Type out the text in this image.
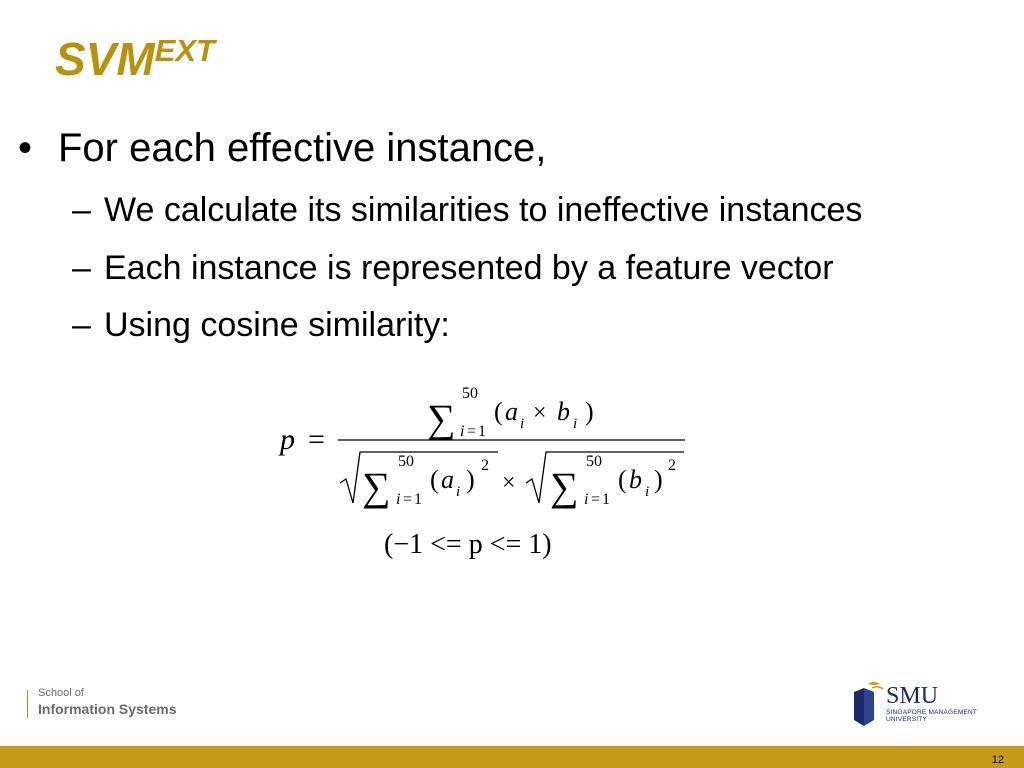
$SVM^{EXT}$
• For each effective instance,
– We calculate its similarities to ineffective instances
– Each instance is represented by a feature vector
– Using cosine similarity:
p =	∑
50
i = 1
( a i × b i )
∑
50
i = 1
( a i ) 2
× ∑
50
i = 1
( b i ) 2
(−1 <= p <= 1)
School of
Information Systems	SMU
SINGAPORE MANAGEMENT
UNIVERSITY
12
